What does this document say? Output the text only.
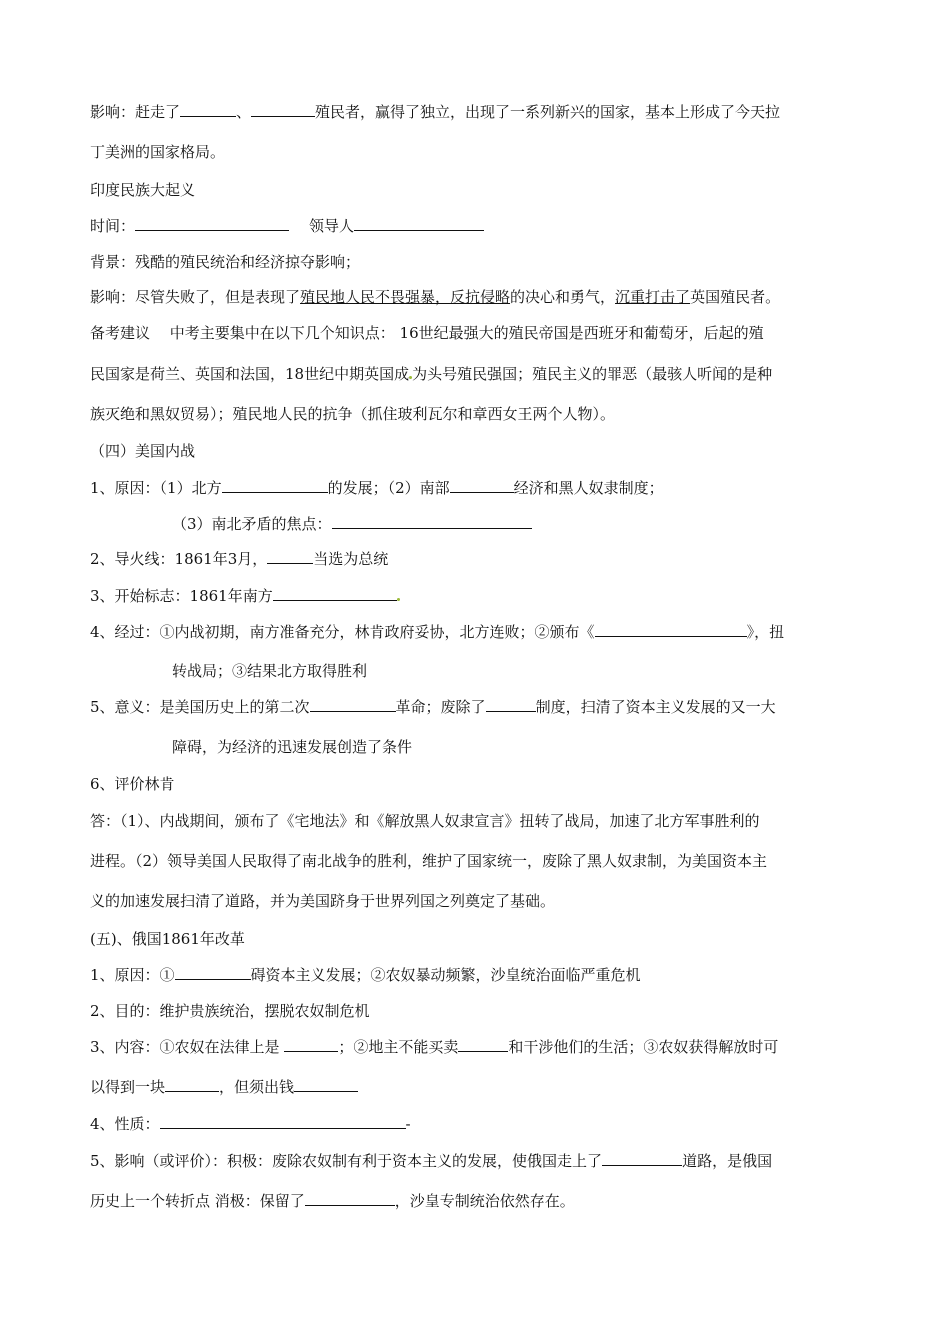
影响：赶走了	、	殖民者，赢得了独立，出现了一系列新兴的国家，基本上形成了今天拉
丁美洲的国家格局。
印度民族大起义
时间：	领导人
背景：残酷的殖民统治和经济掠夺影响；
影响：尽管失败了，但是表现了殖民地人民不畏强暴，反抗侵略的决心和勇气，沉重打击了英国殖民者。
备考建议　 中考主要集中在以下几个知识点： 16世纪最强大的殖民帝国是西班牙和葡萄牙，后起的殖
民国家是荷兰、英国和法国，18世纪中期英国成 为头号殖民强国；殖民主义的罪恶（最骇人听闻的是种
族灭绝和黑奴贸易）；殖民地人民的抗争（抓住玻利瓦尔和章西女王两个人物）。
（四）美国内战
1、原因：（1）北方	的发展；（2）南部	经济和黑人奴隶制度；
（3）南北矛盾的焦点：
2、导火线：1861年3月，	当选为总统
3、开始标志：1861年南方
4、经过：①内战初期，南方准备充分，林肯政府妥协，北方连败；②颁布《	》，扭
转战局；③结果北方取得胜利
5、意义：是美国历史上的第二次	革命；废除了	制度，扫清了资本主义发展的又一大
障碍，为经济的迅速发展创造了条件
6、评价林肯
答：（1）、内战期间，颁布了《宅地法》和《解放黑人奴隶宣言》扭转了战局，加速了北方军事胜利的
进程。（2）领导美国人民取得了南北战争的胜利，维护了国家统一，废除了黑人奴隶制，为美国资本主
义的加速发展扫清了道路，并为美国跻身于世界列国之列奠定了基础。
(五)、俄国1861年改革
1、原因：①	碍资本主义发展；②农奴暴动频繁，沙皇统治面临严重危机
2、目的：维护贵族统治，摆脱农奴制危机
3、内容：①农奴在法律上是	；②地主不能买卖	和干涉他们的生活；③农奴获得解放时可
以得到一块	，但须出钱
4、性质：	-
5、影响（或评价）：积极：废除农奴制有利于资本主义的发展，使俄国走上了	道路，是俄国
历史上一个转折点 消极：保留了	，沙皇专制统治依然存在。
